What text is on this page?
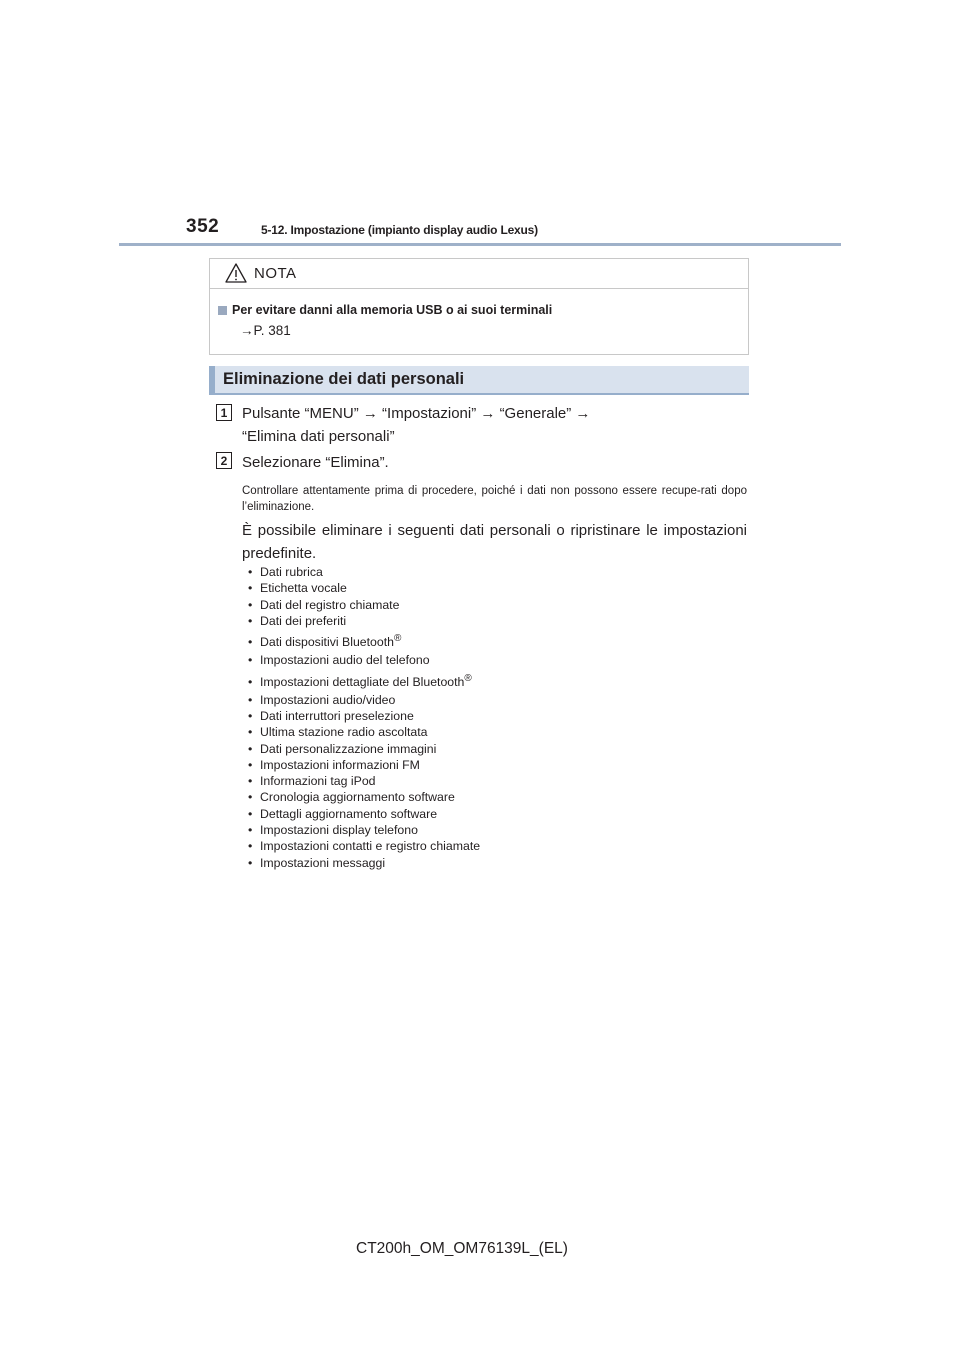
352	5-12. Impostazione (impianto display audio Lexus)
NOTA
Per evitare danni alla memoria USB o ai suoi terminali
→P. 381
Eliminazione dei dati personali
1 Pulsante “MENU” → “Impostazioni” → “Generale” →
“Elimina dati personali”
2 Selezionare “Elimina”.
Controllare attentamente prima di procedere, poiché i dati non possono essere recupe-rati dopo l’eliminazione.
È possibile eliminare i seguenti dati personali o ripristinare le impostazioni predefinite.
• Dati rubrica
• Etichetta vocale
• Dati del registro chiamate
• Dati dei preferiti
• Dati dispositivi Bluetooth®
• Impostazioni audio del telefono
• Impostazioni dettagliate del Bluetooth®
• Impostazioni audio/video
• Dati interruttori preselezione
• Ultima stazione radio ascoltata
• Dati personalizzazione immagini
• Impostazioni informazioni FM
• Informazioni tag iPod
• Cronologia aggiornamento software
• Dettagli aggiornamento software
• Impostazioni display telefono
• Impostazioni contatti e registro chiamate
• Impostazioni messaggi
CT200h_OM_OM76139L_(EL)
